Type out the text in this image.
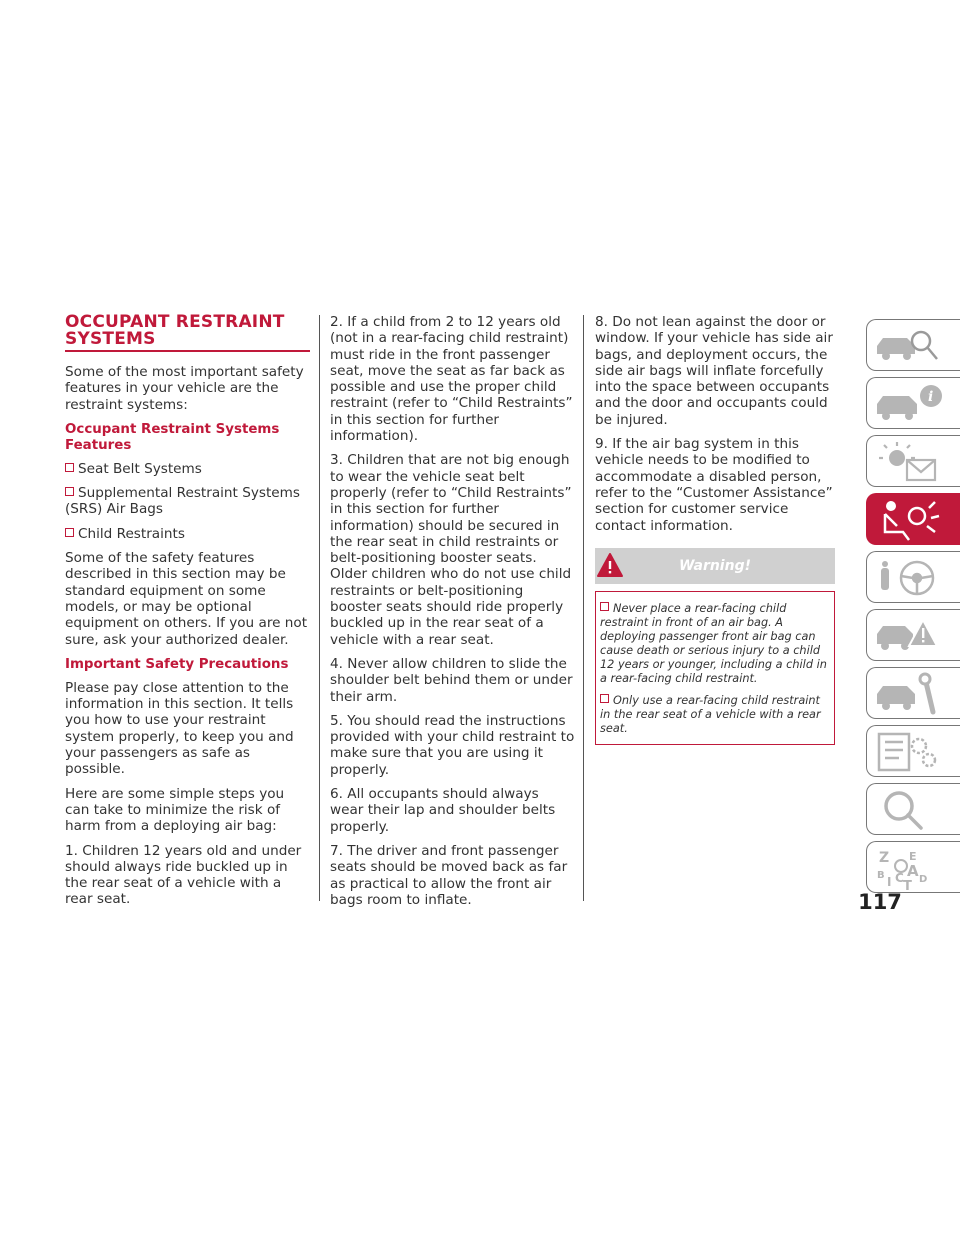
OCCUPANT RESTRAINT SYSTEMS

Some of the most important safety features in your vehicle are the restraint systems:

Occupant Restraint Systems Features
Seat Belt Systems
Supplemental Restraint Systems (SRS) Air Bags
Child Restraints

Some of the safety features described in this section may be standard equipment on some models, or may be optional equipment on others. If you are not sure, ask your authorized dealer.

Important Safety Precautions

Please pay close attention to the information in this section. It tells you how to use your restraint system properly, to keep you and your passengers as safe as possible.

Here are some simple steps you can take to minimize the risk of harm from a deploying air bag:

1. Children 12 years old and under should always ride buckled up in the rear seat of a vehicle with a rear seat.

2. If a child from 2 to 12 years old (not in a rear-facing child restraint) must ride in the front passenger seat, move the seat as far back as possible and use the proper child restraint (refer to “Child Restraints” in this section for further information).

3. Children that are not big enough to wear the vehicle seat belt properly (refer to “Child Restraints” in this section for further information) should be secured in the rear seat in child restraints or belt-positioning booster seats. Older children who do not use child restraints or belt-positioning booster seats should ride properly buckled up in the rear seat of a vehicle with a rear seat.

4. Never allow children to slide the shoulder belt behind them or under their arm.

5. You should read the instructions provided with your child restraint to make sure that you are using it properly.

6. All occupants should always wear their lap and shoulder belts properly.

7. The driver and front passenger seats should be moved back as far as practical to allow the front air bags room to inflate.

8. Do not lean against the door or window. If your vehicle has side air bags, and deployment occurs, the side air bags will inflate forcefully into the space between occupants and the door and occupants could be injured.

9. If the air bag system in this vehicle needs to be modified to accommodate a disabled person, refer to the “Customer Assistance” section for customer service contact information.

Warning!

Never place a rear-facing child restraint in front of an air bag. A deploying passenger front air bag can cause death or serious injury to a child 12 years or younger, including a child in a rear-facing child restraint.

Only use a rear-facing child restraint in the rear seat of a vehicle with a rear seat.

i
Z
B I C
E
A
T D
117
